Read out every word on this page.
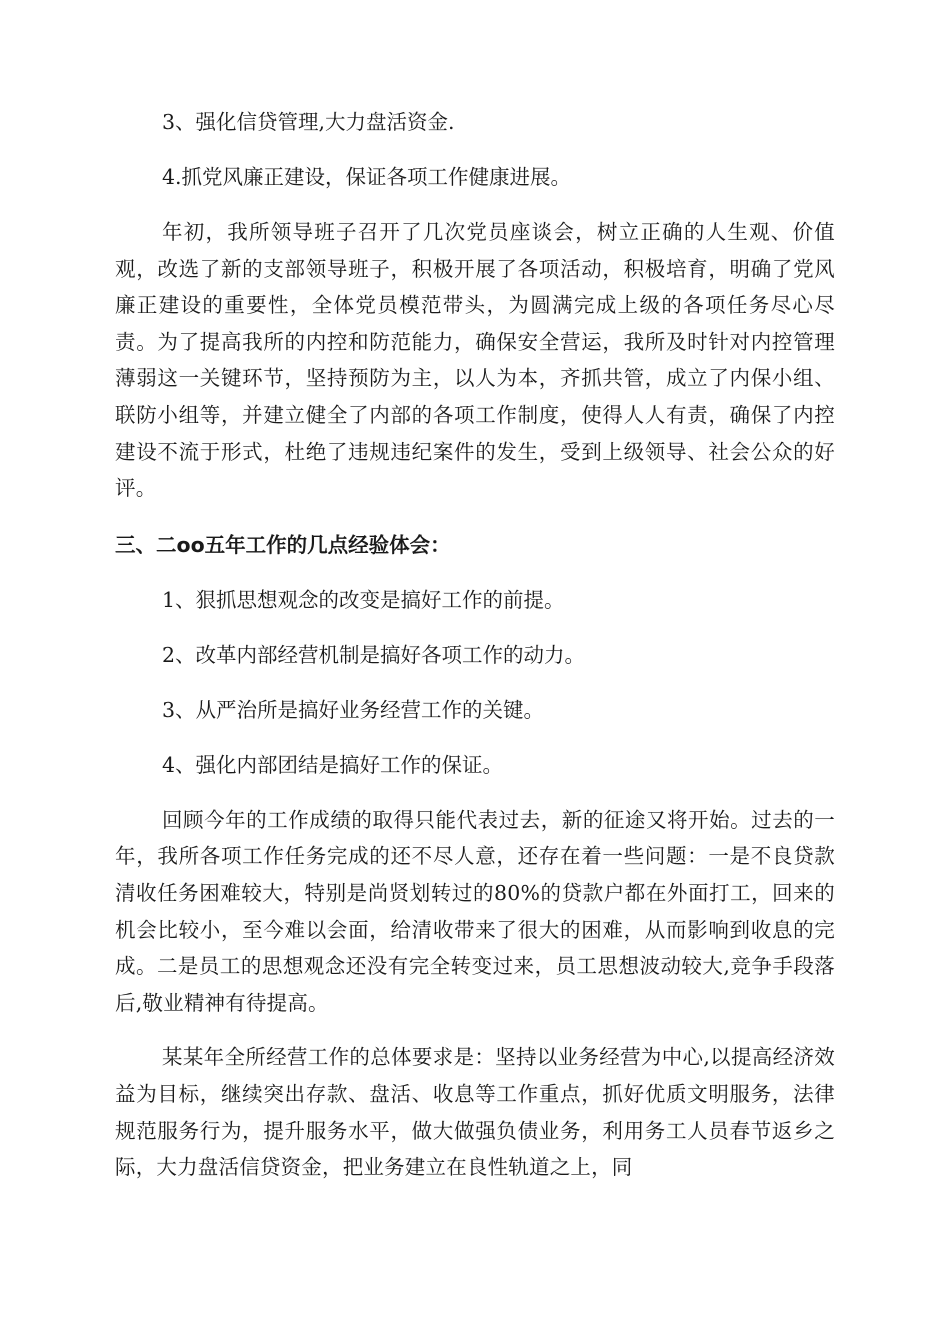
3、强化信贷管理,大力盘活资金.
4.抓党风廉正建设，保证各项工作健康进展。

年初，我所领导班子召开了几次党员座谈会，树立正确的人生观、价值观，改选了新的支部领导班子，积极开展了各项活动，积极培育，明确了党风廉正建设的重要性，全体党员模范带头，为圆满完成上级的各项任务尽心尽责。为了提高我所的内控和防范能力，确保安全营运，我所及时针对内控管理薄弱这一关键环节，坚持预防为主，以人为本，齐抓共管，成立了内保小组、联防小组等，并建立健全了内部的各项工作制度，使得人人有责，确保了内控建设不流于形式，杜绝了违规违纪案件的发生，受到上级领导、社会公众的好评。

三、二oo五年工作的几点经验体会：
1、狠抓思想观念的改变是搞好工作的前提。
2、改革内部经营机制是搞好各项工作的动力。
3、从严治所是搞好业务经营工作的关键。
4、强化内部团结是搞好工作的保证。

回顾今年的工作成绩的取得只能代表过去，新的征途又将开始。过去的一年，我所各项工作任务完成的还不尽人意，还存在着一些问题：一是不良贷款清收任务困难较大，特别是尚贤划转过的80%的贷款户都在外面打工，回来的机会比较小，至今难以会面，给清收带来了很大的困难，从而影响到收息的完成。二是员工的思想观念还没有完全转变过来，员工思想波动较大,竞争手段落后,敬业精神有待提高。

某某年全所经营工作的总体要求是：坚持以业务经营为中心,以提高经济效益为目标，继续突出存款、盘活、收息等工作重点，抓好优质文明服务，法律规范服务行为，提升服务水平，做大做强负债业务，利用务工人员春节返乡之际，大力盘活信贷资金，把业务建立在良性轨道之上，同
